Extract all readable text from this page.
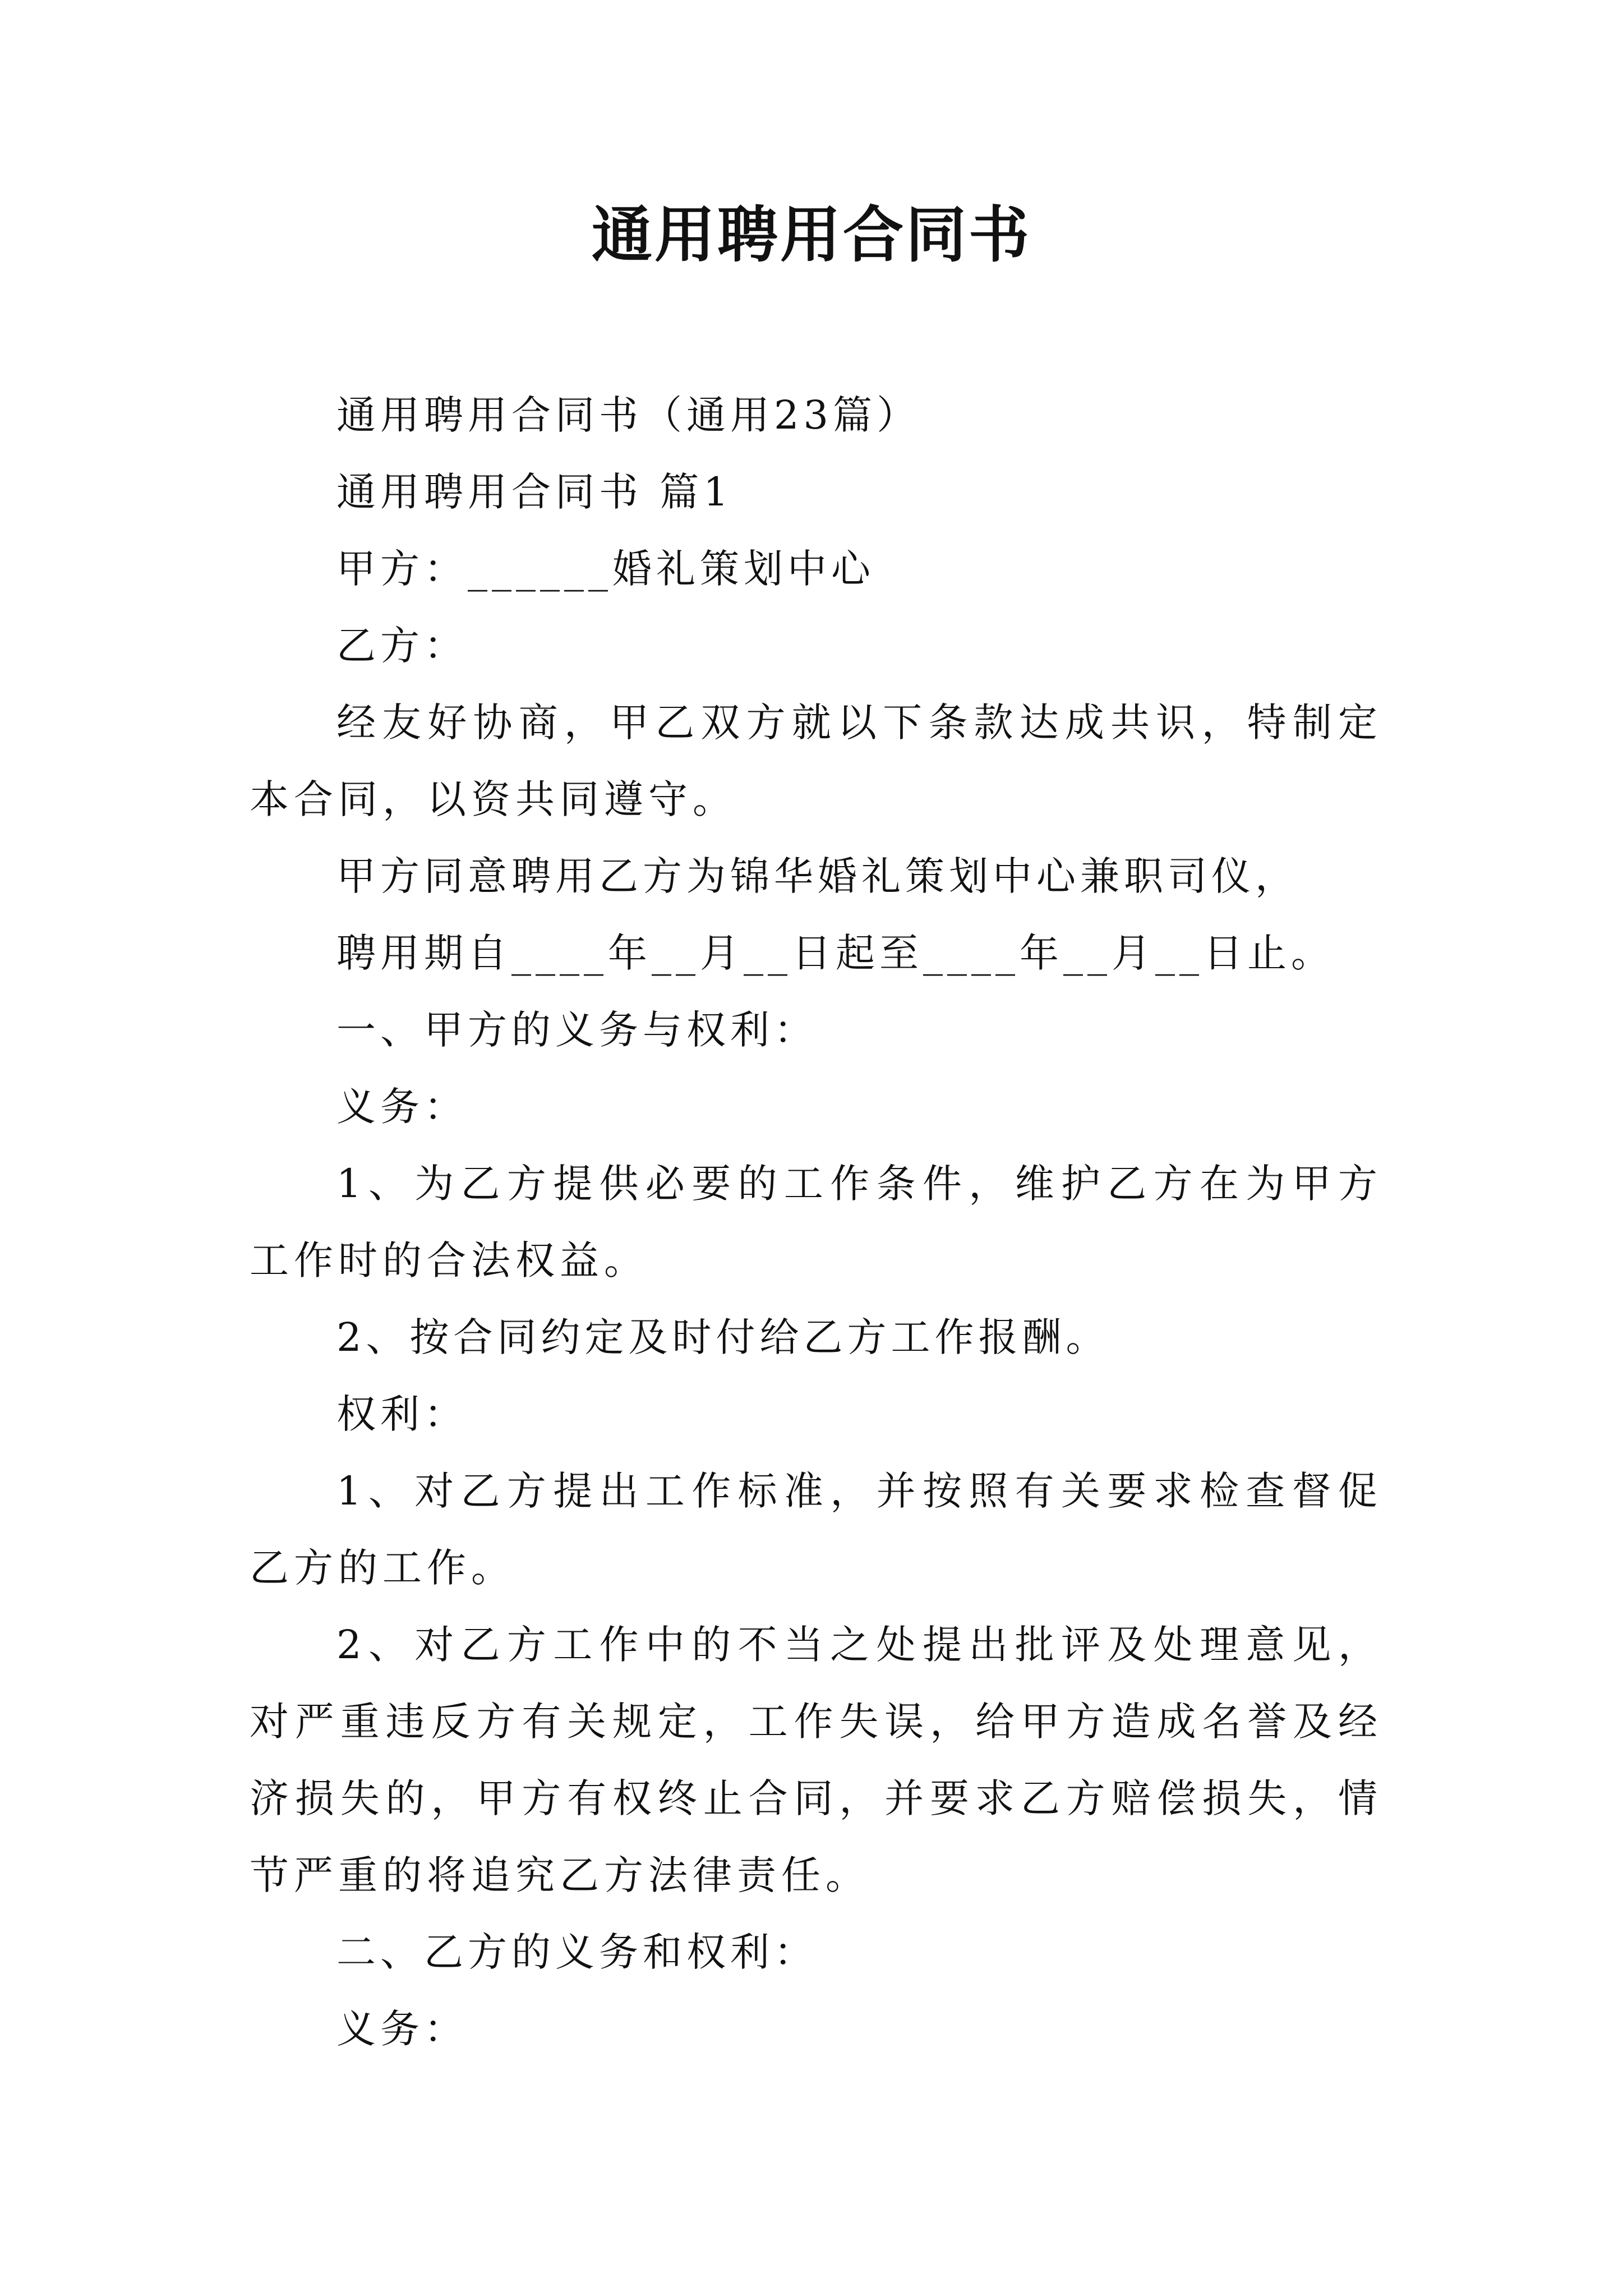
通用聘用合同书

通用聘用合同书（通用23篇）

通用聘用合同书 篇1

甲方：______婚礼策划中心

乙方：

经友好协商，甲乙双方就以下条款达成共识，特制定本合同，以资共同遵守。

甲方同意聘用乙方为锦华婚礼策划中心兼职司仪，

聘用期自____年__月__日起至____年__月__日止。

一、甲方的义务与权利：

义务：

1、为乙方提供必要的工作条件，维护乙方在为甲方工作时的合法权益。

2、按合同约定及时付给乙方工作报酬。

权利：

1、对乙方提出工作标准，并按照有关要求检查督促乙方的工作。

2、对乙方工作中的不当之处提出批评及处理意见，对严重违反方有关规定，工作失误，给甲方造成名誉及经济损失的，甲方有权终止合同，并要求乙方赔偿损失，情节严重的将追究乙方法律责任。

二、乙方的义务和权利：

义务：
